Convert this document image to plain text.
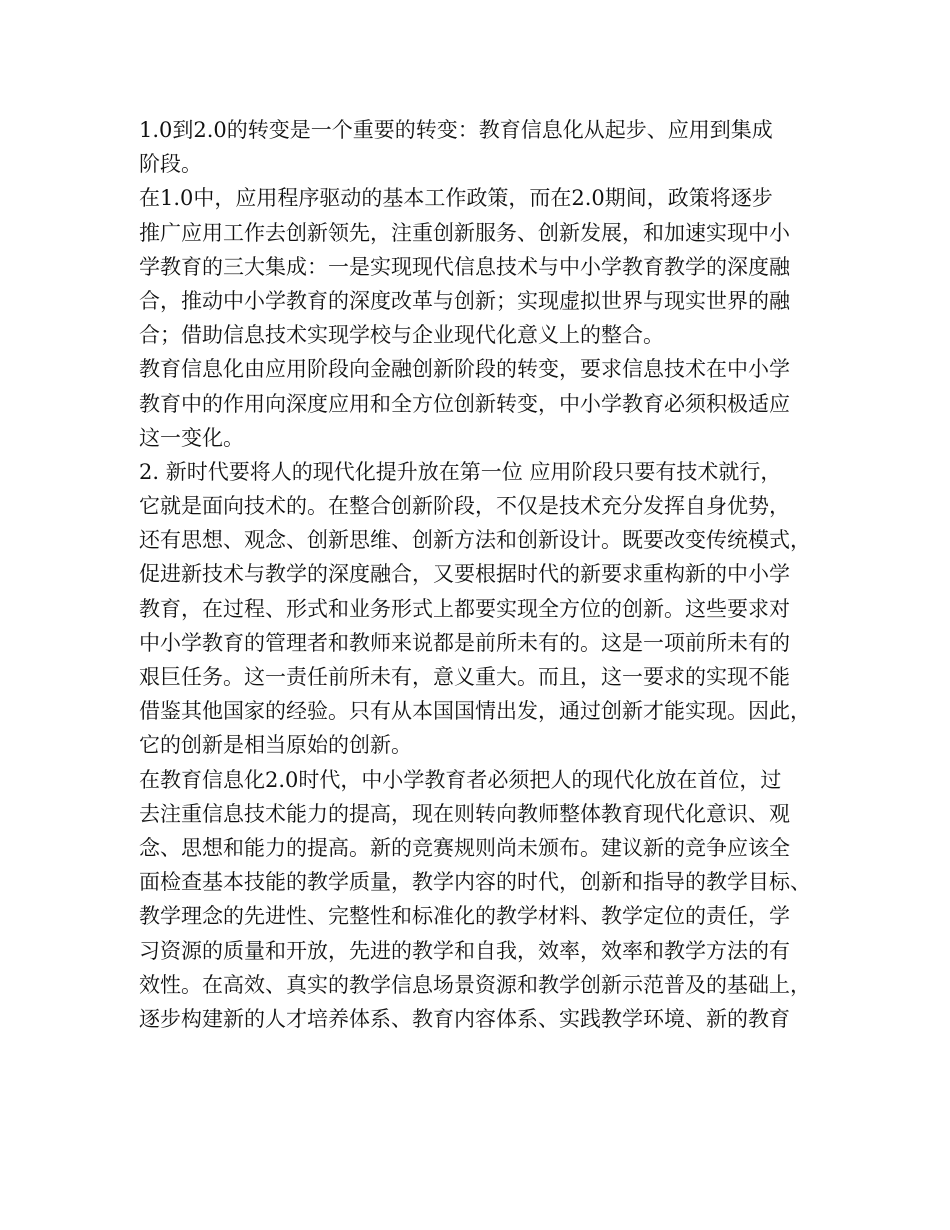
1.0到2.0的转变是一个重要的转变：教育信息化从起步、应用到集成
阶段。
在1.0中，应用程序驱动的基本工作政策，而在2.0期间，政策将逐步
推广应用工作去创新领先，注重创新服务、创新发展，和加速实现中小
学教育的三大集成：一是实现现代信息技术与中小学教育教学的深度融
合，推动中小学教育的深度改革与创新；实现虚拟世界与现实世界的融
合；借助信息技术实现学校与企业现代化意义上的整合。
教育信息化由应用阶段向金融创新阶段的转变，要求信息技术在中小学
教育中的作用向深度应用和全方位创新转变，中小学教育必须积极适应
这一变化。
2. 新时代要将人的现代化提升放在第一位 应用阶段只要有技术就行，
它就是面向技术的。在整合创新阶段，不仅是技术充分发挥自身优势，
还有思想、观念、创新思维、创新方法和创新设计。既要改变传统模式，
促进新技术与教学的深度融合，又要根据时代的新要求重构新的中小学
教育，在过程、形式和业务形式上都要实现全方位的创新。这些要求对
中小学教育的管理者和教师来说都是前所未有的。这是一项前所未有的
艰巨任务。这一责任前所未有，意义重大。而且，这一要求的实现不能
借鉴其他国家的经验。只有从本国国情出发，通过创新才能实现。因此，
它的创新是相当原始的创新。
在教育信息化2.0时代，中小学教育者必须把人的现代化放在首位，过
去注重信息技术能力的提高，现在则转向教师整体教育现代化意识、观
念、思想和能力的提高。新的竞赛规则尚未颁布。建议新的竞争应该全
面检查基本技能的教学质量，教学内容的时代，创新和指导的教学目标、
教学理念的先进性、完整性和标准化的教学材料、教学定位的责任，学
习资源的质量和开放，先进的教学和自我，效率，效率和教学方法的有
效性。在高效、真实的教学信息场景资源和教学创新示范普及的基础上，
逐步构建新的人才培养体系、教育内容体系、实践教学环境、新的教育
